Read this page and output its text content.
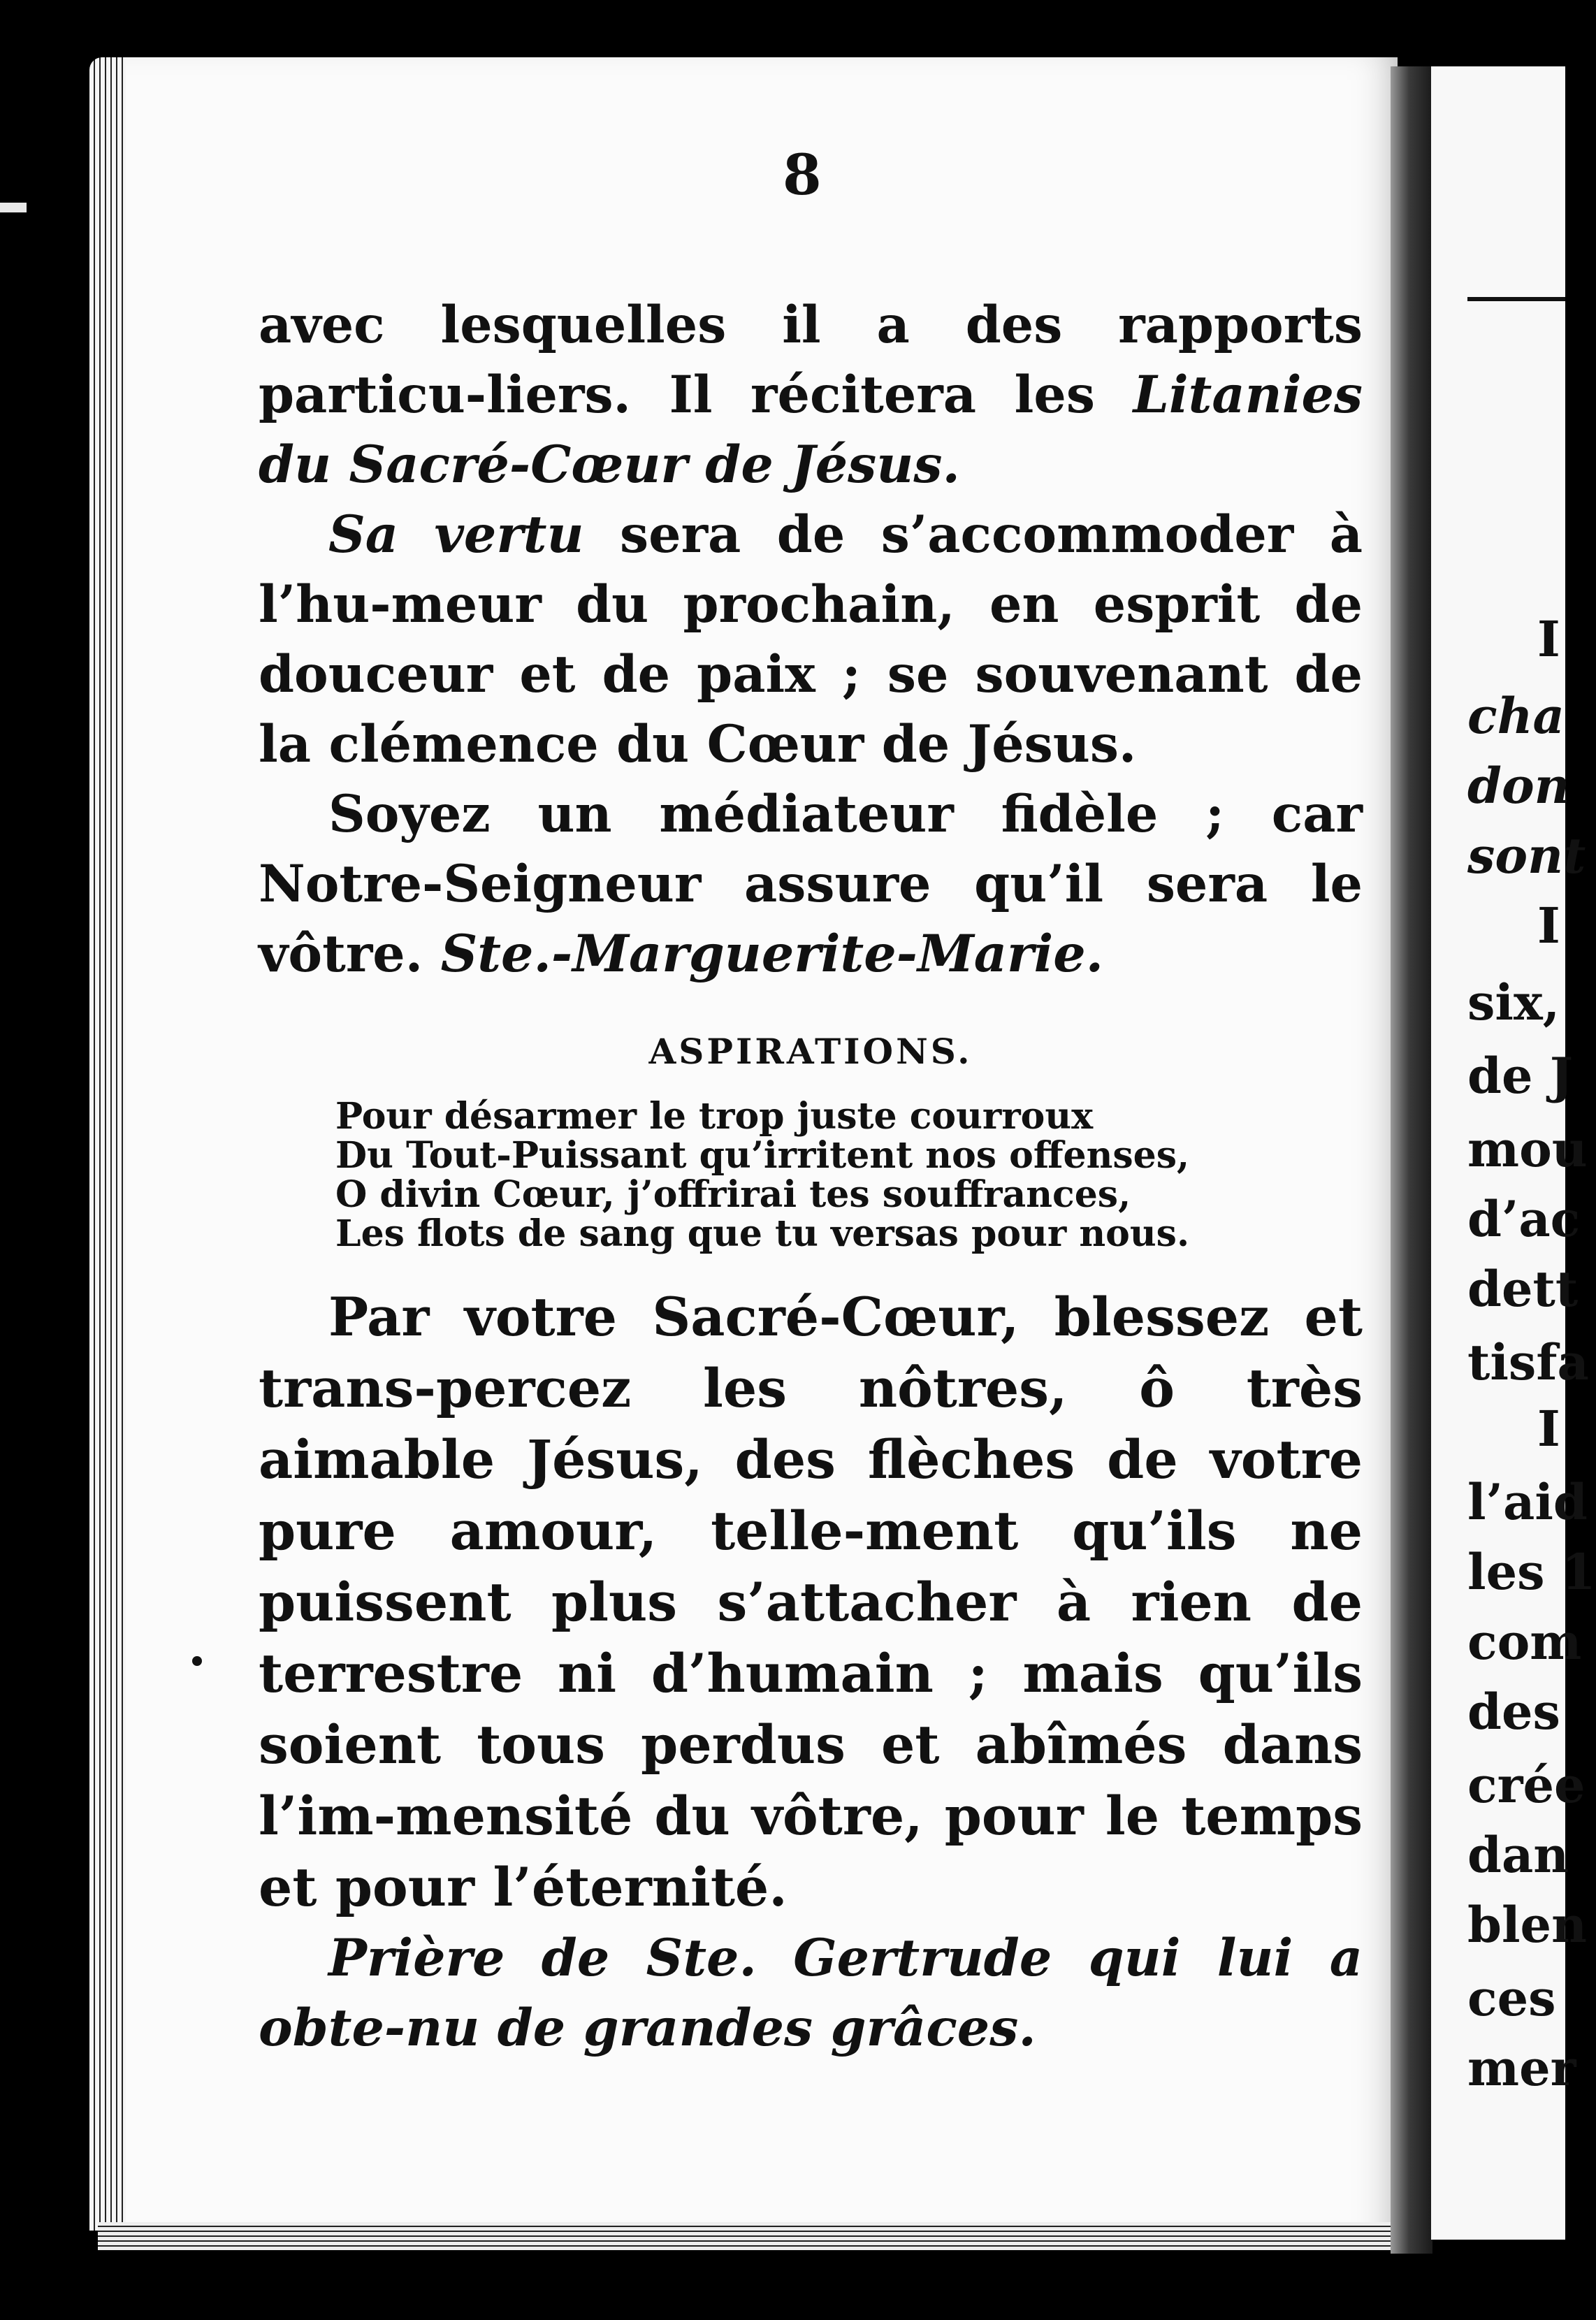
8

avec lesquelles il a des rapports particu-liers. Il récitera les Litanies du Sacré-Cœur de Jésus.

Sa vertu sera de s’accommoder à l’hu-meur du prochain, en esprit de douceur et de paix ; se souvenant de la clémence du Cœur de Jésus.

Soyez un médiateur fidèle ; car Notre-Seigneur assure qu’il sera le vôtre. Ste.-Marguerite-Marie.

ASPIRATIONS.
Pour désarmer le trop juste courroux
Du Tout-Puissant qu’irritent nos offenses,
O divin Cœur, j’offrirai tes souffrances,
Les flots de sang que tu versas pour nous.

Par votre Sacré-Cœur, blessez et trans-percez les nôtres, ô très aimable Jésus, des flèches de votre pure amour, telle-ment qu’ils ne puissent plus s’attacher à rien de terrestre ni d’humain ; mais qu’ils soient tous perdus et abîmés dans l’im-mensité du vôtre, pour le temps et pour l’éternité.

Prière de Ste. Gertrude qui lui a obte-nu de grandes grâces.

I
cha
don
sont
I
six,
de J
mou
d’ac
dett
tisfa
I
l’aid
les 1
com
des
crée
dan
blen
ces
mer
